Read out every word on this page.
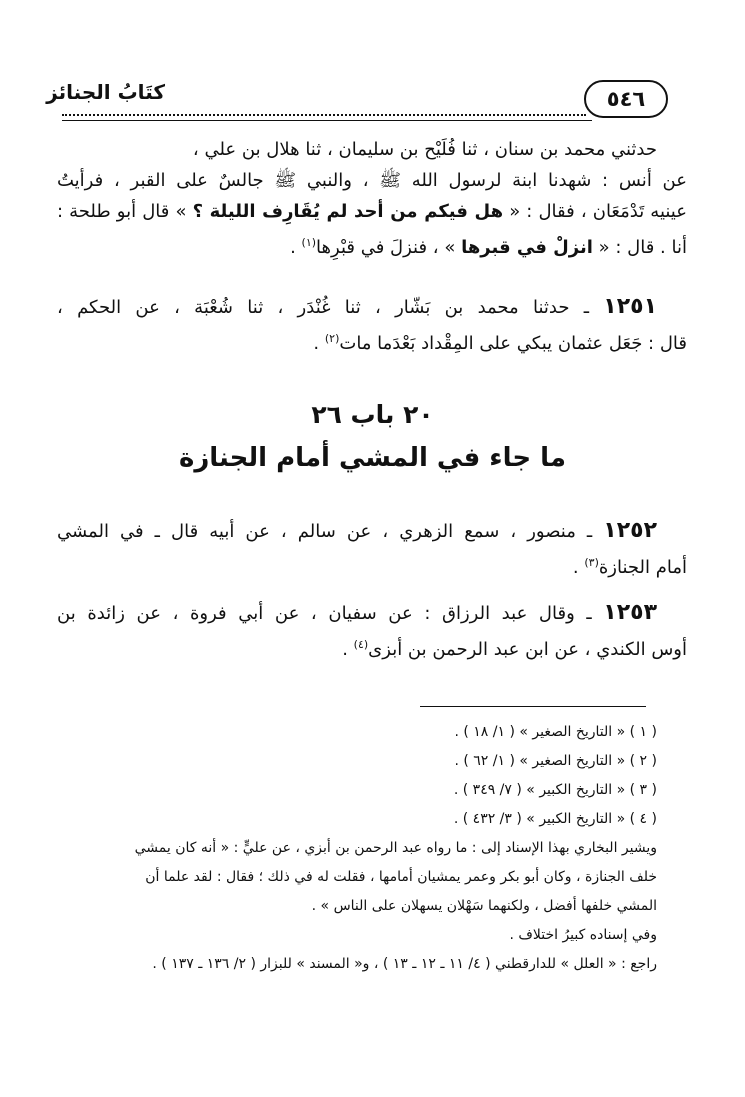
كتَابُ الجنائز	٥٤٦
حدثني محمد بن سنان ، ثنا فُلَيْح بن سليمان ، ثنا هلال بن علي ،
عن أنس : شهدنا ابنة لرسول الله ﷺ ، والنبي ﷺ جالسٌ على القبر ، فرأيتُ
عينيه تَدْمَعَان ، فقال : « هل فيكم من أحد لم يُقَارِف الليلة ؟ » قال أبو طلحة :
أنا . قال : « انزلْ في قبرها » ، فنزلَ في قبْرِها$^{(١)}$ .
١٢٥١ ـ حدثنا محمد بن بَشّار ، ثنا غُنْدَر ، ثنا شُعْبَة ، عن الحكم ،
قال : جَعَل عثمان يبكي على المِقْداد بَعْدَما مات$^{(٢)}$ .
٢٠ باب ٢٦
ما جاء في المشي أمام الجنازة
١٢٥٢ ـ منصور ، سمع الزهري ، عن سالم ، عن أبيه قال ـ في المشي
أمام الجنازة$^{(٣)}$ .
١٢٥٣ ـ وقال عبد الرزاق : عن سفيان ، عن أبي فروة ، عن زائدة بن
أوس الكندي ، عن ابن عبد الرحمن بن أبزى$^{(٤)}$ .
( ١ ) « التاريخ الصغير » ( ١/ ١٨ ) .
( ٢ ) « التاريخ الصغير » ( ١/ ٦٢ ) .
( ٣ ) « التاريخ الكبير » ( ٧/ ٣٤٩ ) .
( ٤ ) « التاريخ الكبير » ( ٣/ ٤٣٢ ) .
ويشير البخاري بهذا الإسناد إلى : ما رواه عبد الرحمن بن أبزي ، عن عليٍّ : « أنه كان يمشي
خلف الجنازة ، وكان أبو بكر وعمر يمشيان أمامها ، فقلت له في ذلك ؛ فقال : لقد علما أن
المشي خلفها أفضل ، ولكنهما سَهْلان يسهلان على الناس » .
وفي إسناده كبيرُ اختلاف .
راجع : « العلل » للدارقطني ( ٤/ ١١ ـ ١٢ ـ ١٣ ) ، و« المسند » للبزار ( ٢/ ١٣٦ ـ ١٣٧ ) .
